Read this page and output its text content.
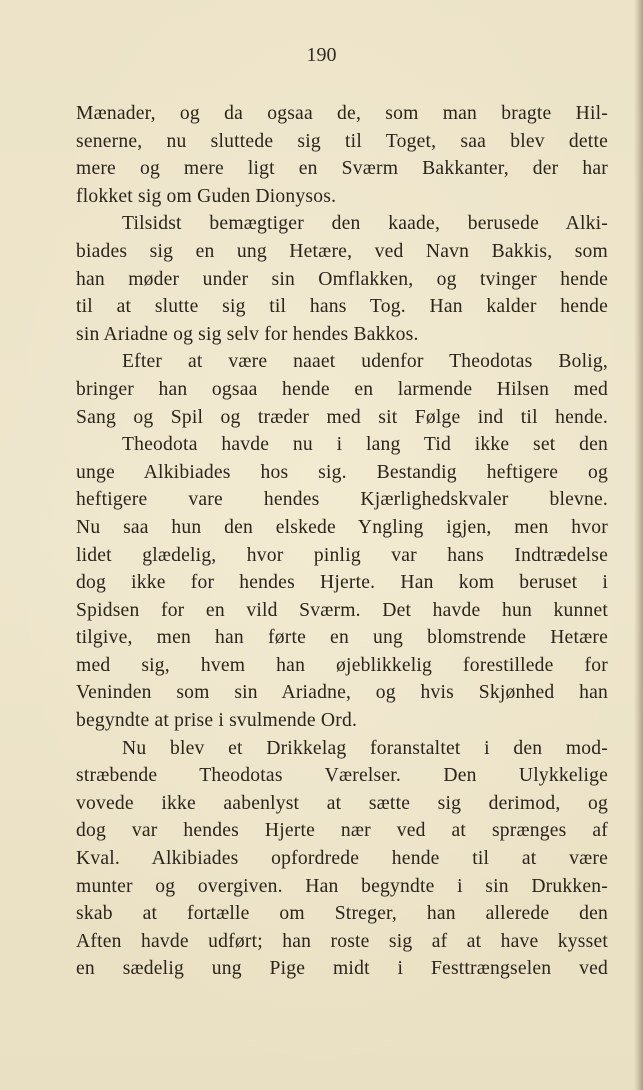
190
Mænader, og da ogsaa de, som man bragte Hil-
senerne, nu sluttede sig til Toget, saa blev dette
mere og mere ligt en Sværm Bakkanter, der har
flokket sig om Guden Dionysos.
Tilsidst bemægtiger den kaade, berusede Alki-
biades sig en ung Hetære, ved Navn Bakkis, som
han møder under sin Omflakken, og tvinger hende
til at slutte sig til hans Tog. Han kalder hende
sin Ariadne og sig selv for hendes Bakkos.
Efter at være naaet udenfor Theodotas Bolig,
bringer han ogsaa hende en larmende Hilsen med
Sang og Spil og træder med sit Følge ind til hende.
Theodota havde nu i lang Tid ikke set den
unge Alkibiades hos sig. Bestandig heftigere og
heftigere vare hendes Kjærlighedskvaler blevne.
Nu saa hun den elskede Yngling igjen, men hvor
lidet glædelig, hvor pinlig var hans Indtrædelse
dog ikke for hendes Hjerte. Han kom beruset i
Spidsen for en vild Sværm. Det havde hun kunnet
tilgive, men han førte en ung blomstrende Hetære
med sig, hvem han øjeblikkelig forestillede for
Veninden som sin Ariadne, og hvis Skjønhed han
begyndte at prise i svulmende Ord.
Nu blev et Drikkelag foranstaltet i den mod-
stræbende Theodotas Værelser. Den Ulykkelige
vovede ikke aabenlyst at sætte sig derimod, og
dog var hendes Hjerte nær ved at sprænges af
Kval. Alkibiades opfordrede hende til at være
munter og overgiven. Han begyndte i sin Drukken-
skab at fortælle om Streger, han allerede den
Aften havde udført; han roste sig af at have kysset
en sædelig ung Pige midt i Festtrængselen ved
